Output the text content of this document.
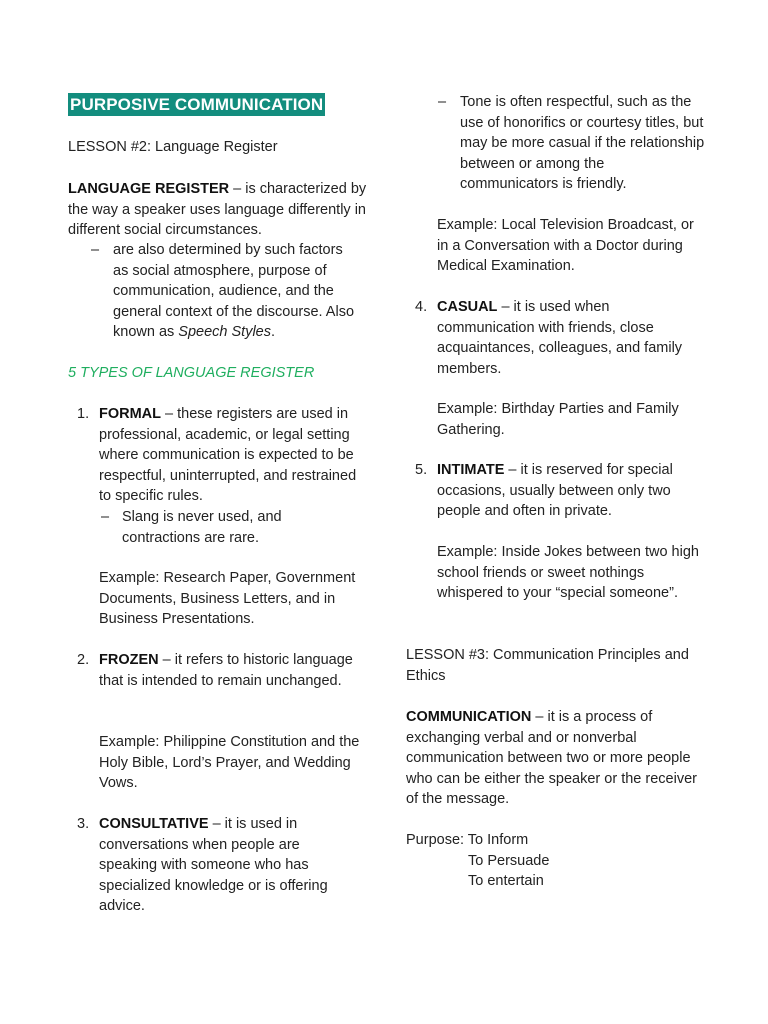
PURPOSIVE COMMUNICATION

LESSON #2: Language Register

LANGUAGE REGISTER – is characterized by the way a speaker uses language differently in different social circumstances.

– are also determined by such factors as social atmosphere, purpose of communication, audience, and the general context of the discourse. Also known as Speech Styles.

5 TYPES OF LANGUAGE REGISTER

1. FORMAL – these registers are used in professional, academic, or legal setting where communication is expected to be respectful, uninterrupted, and restrained to specific rules.

– Slang is never used, and contractions are rare.

Example: Research Paper, Government Documents, Business Letters, and in Business Presentations.

2. FROZEN – it refers to historic language that is intended to remain unchanged.

Example: Philippine Constitution and the Holy Bible, Lord’s Prayer, and Wedding Vows.

3. CONSULTATIVE – it is used in conversations when people are speaking with someone who has specialized knowledge or is offering advice.

– Tone is often respectful, such as the use of honorifics or courtesy titles, but may be more casual if the relationship between or among the communicators is friendly.

Example: Local Television Broadcast, or in a Conversation with a Doctor during Medical Examination.

4. CASUAL – it is used when communication with friends, close acquaintances, colleagues, and family members.

Example: Birthday Parties and Family Gathering.

5. INTIMATE – it is reserved for special occasions, usually between only two people and often in private.

Example: Inside Jokes between two high school friends or sweet nothings whispered to your “special someone”.

LESSON #3: Communication Principles and Ethics

COMMUNICATION – it is a process of exchanging verbal and or nonverbal communication between two or more people who can be either the speaker or the receiver of the message.

Purpose: To Inform

To Persuade

To entertain
